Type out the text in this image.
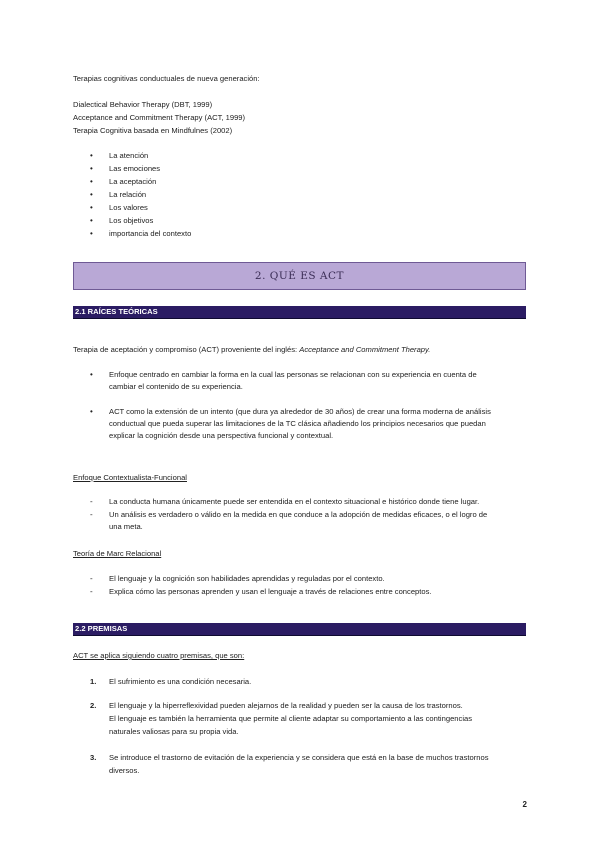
Terapias cognitivas conductuales de nueva generación:
Dialectical Behavior Therapy (DBT, 1999)
Acceptance and Commitment Therapy (ACT, 1999)
Terapia Cognitiva basada en Mindfulnes (2002)
• La atención
• Las emociones
• La aceptación
• La relación
• Los valores
• Los objetivos
• importancia del contexto
2. QUÉ ES ACT
2.1 RAÍCES TEÓRICAS
Terapia de aceptación y compromiso (ACT) proveniente del inglés: Acceptance and Commitment Therapy.
• Enfoque centrado en cambiar la forma en la cual las personas se relacionan con su experiencia en cuenta de
cambiar el contenido de su experiencia.
• ACT como la extensión de un intento (que dura ya alrededor de 30 años) de crear una forma moderna de análisis
conductual que pueda superar las limitaciones de la TC clásica añadiendo los principios necesarios que puedan
explicar la cognición desde una perspectiva funcional y contextual.
Enfoque Contextualista-Funcional
- La conducta humana únicamente puede ser entendida en el contexto situacional e histórico donde tiene lugar.
- Un análisis es verdadero o válido en la medida en que conduce a la adopción de medidas eficaces, o el logro de
una meta.
Teoría de Marc Relacional
- El lenguaje y la cognición son habilidades aprendidas y reguladas por el contexto.
- Explica cómo las personas aprenden y usan el lenguaje a través de relaciones entre conceptos.
2.2 PREMISAS
ACT se aplica siguiendo cuatro premisas, que son:
1. El sufrimiento es una condición necesaria.
2. El lenguaje y la hiperreflexividad pueden alejarnos de la realidad y pueden ser la causa de los trastornos.
El lenguaje es también la herramienta que permite al cliente adaptar su comportamiento a las contingencias
naturales valiosas para su propia vida.
3. Se introduce el trastorno de evitación de la experiencia y se considera que está en la base de muchos trastornos
diversos.
2
